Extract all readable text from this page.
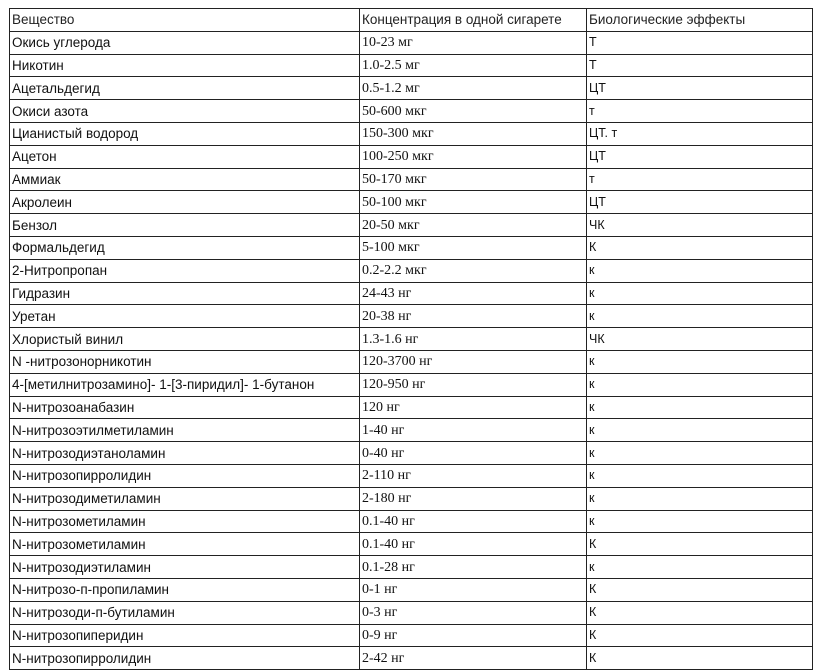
Вещество	Концентрация в одной сигарете	Биологические эффекты
Окись углерода	10-23 мг	Т
Никотин	1.0-2.5 мг	Т
Ацетальдегид	0.5-1.2 мг	ЦТ
Окиси азота	50-600 мкг	т
Цианистый водород	150-300 мкг	ЦТ. т
Ацетон	100-250 мкг	ЦТ
Аммиак	50-170 мкг	т
Акролеин	50-100 мкг	ЦТ
Бензол	20-50 мкг	ЧК
Формальдегид	5-100 мкг	К
2-Нитропропан	0.2-2.2 мкг	к
Гидразин	24-43 нг	к
Уретан	20-38 нг	к
Хлористый винил	1.3-1.6 нг	ЧК
N -нитрозонорникотин	120-3700 нг	к
4-[метилнитрозамино]- 1-[3-пиридил]- 1-бутанон	120-950 нг	к
N-нитрозоанабазин	120 нг	к
N-нитрозоэтилметиламин	1-40 нг	к
N-нитрозодиэтаноламин	0-40 нг	к
N-нитрозопирролидин	2-110 нг	к
N-нитрозодиметиламин	2-180 нг	к
N-нитрозометиламин	0.1-40 нг	к
N-нитрозометиламин	0.1-40 нг	К
N-нитрозодиэтиламин	0.1-28 нг	к
N-нитрозо-п-пропиламин	0-1 нг	К
N-нитрозоди-п-бутиламин	0-3 нг	К
N-нитрозопиперидин	0-9 нг	К
N-нитрозопирролидин	2-42 нг	К
